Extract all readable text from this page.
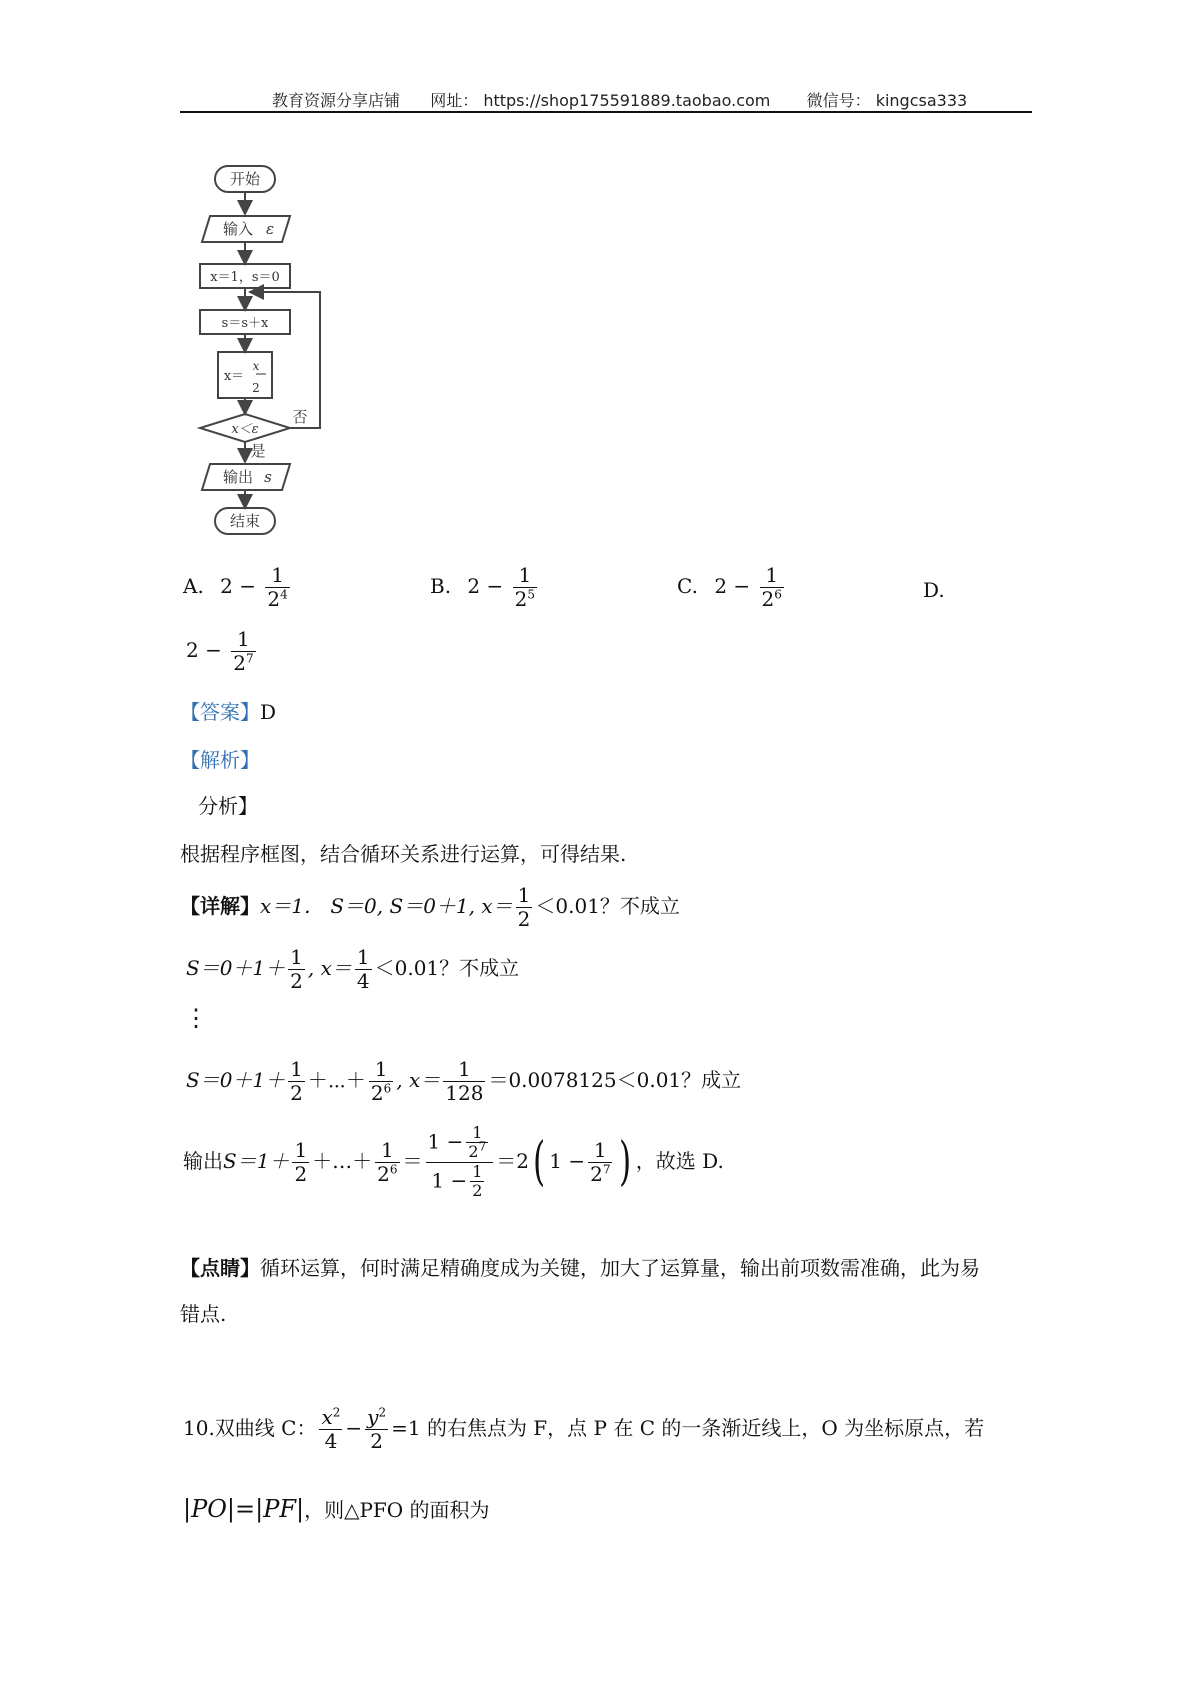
教育资源分享店铺 网址： https://shop175591889.taobao.com 微信号： kingcsa333
开始
输入 ε
x＝1，s＝0
s＝s＋x
x＝
x
2
x＜ε
否
是
输出 s
结束
A. $2 - \frac{1}{2^4}$	B. $2 - \frac{1}{2^5}$	C. $2 - \frac{1}{2^6}$	D.
$2 - \frac{1}{2^7}$
【答案】D
【解析】
分析】
根据程序框图，结合循环关系进行运算，可得结果.
【详解】x＝1． S＝0, S＝0＋1, $x= \frac{1}{2} <0.01$？不成立
$S=0+1+ \frac{1}{2}$ , $x= \frac{1}{4} <0.01$？不成立
⋮
$S=0+1+ \frac{1}{2}$ ＋⋯＋ $\frac{1}{2^6}$ , $x= \frac{1}{128} =0.0078125<0.01$？成立
输出$S=1+ \frac{1}{2}$ ＋…＋ $\frac{1}{2^6} = \frac{1 - \frac{1}{2^7}}{1 - \frac{1}{2}} =2$( $1 - \frac{1}{2^7}$ ) ，故选 D.
【点睛】循环运算，何时满足精确度成为关键，加大了运算量，输出前项数需准确，此为易
错点.
10.双曲线 C： $\frac{x^2}{4} - \frac{y^2}{2} =1$ 的右焦点为 F，点 P 在 C 的一条渐近线上，O 为坐标原点，若
|PO|=|PF|，则△PFO 的面积为
